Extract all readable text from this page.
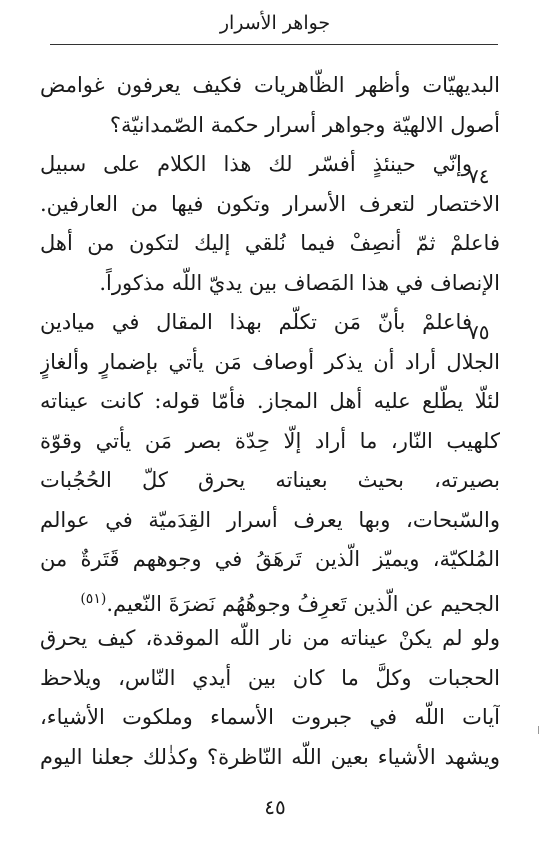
جواهر الأسرار
٧٤
٧٥
البديهيّات وأظهر الظّاهريات فكيف يعرفون غوامض
أصول الالهيّة وجواهر أسرار حكمة الصّمدانيّة؟
وإنّي حينئذٍ أفسّر لك هذا الكلام على سبيل
الاختصار لتعرف الأسرار وتكون فيها من العارفين.
فاعلمْ ثمّ أنصِفْ فيما نُلقي إليك لتكون من أهل
الإنصاف في هذا المَصاف بين يديّ اللّه مذكوراً.
فاعلمْ بأنّ مَن تكلّم بهذا المقال في ميادين
الجلال أراد أن يذكر أوصاف مَن يأتي بإضمارٍ وألغازٍ
لئلّا يطّلع عليه أهل المجاز. فأمّا قوله: كانت عيناته
كلهيب النّار، ما أراد إلّا حِدّة بصر مَن يأتي وقوّة
بصيرته، بحيث بعيناته يحرق كلّ الحُجُبات
والسّبحات، وبها يعرف أسرار القِدَميّة في عوالم
المُلكيّة، ويميّز الّذين تَرهَقُ في وجوههم قَتَرةٌ من
الجحيم عن الّذين تَعرِفُ وجوهُهُم نَضرَةَ النّعيم.$^{(٥١)}$
ولو لم يكنْ عيناته من نار اللّه الموقدة، كيف يحرق
الحجبات وكلَّ ما كان بين أيدي النّاس، ويلاحظ
آيات اللّه في جبروت الأسماء وملكوت الأشياء،
ويشهد الأشياء بعين اللّه النّاظرة؟ وكذٰلك جعلنا اليوم
٤٥
